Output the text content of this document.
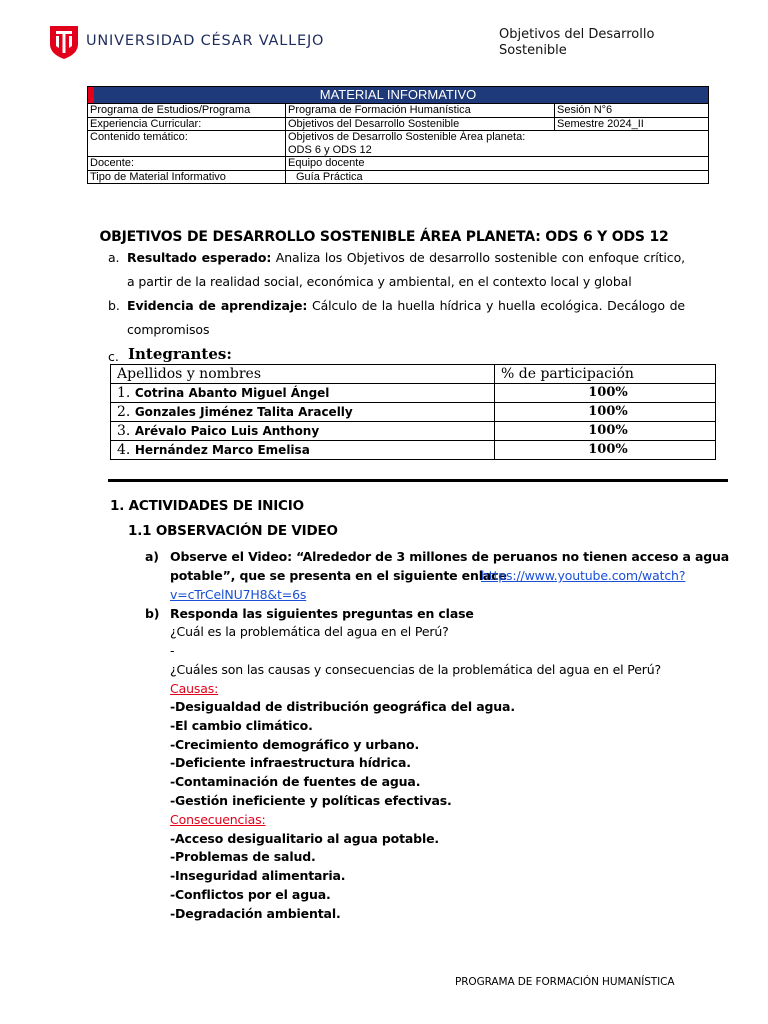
UNIVERSIDAD CÉSAR VALLEJO	Objetivos del Desarrollo Sostenible
MATERIAL INFORMATIVO		
Programa de Estudios/Programa	Programa de Formación Humanística	Sesión N°6
Experiencia Curricular:	Objetivos del Desarrollo Sostenible	Semestre 2024_II
Contenido temático:	Objetivos de Desarrollo Sostenible Área planeta:
ODS 6 y ODS 12	

Docente:	Equipo docente	
Tipo de Material Informativo	Guía Práctica	
OBJETIVOS DE DESARROLLO SOSTENIBLE ÁREA PLANETA: ODS 6 Y ODS 12
a. Resultado esperado: Analiza los Objetivos de desarrollo sostenible con enfoque crítico, a partir de la realidad social, económica y ambiental, en el contexto local y global
b. Evidencia de aprendizaje: Cálculo de la huella hídrica y huella ecológica. Decálogo de compromisos
c. Integrantes:
Apellidos y nombres	% de participación
1. Cotrina Abanto Miguel Ángel	100%
2. Gonzales Jiménez Talita Aracelly	100%
3. Arévalo Paico Luis Anthony	100%
4. Hernández Marco Emelisa	100%
1. ACTIVIDADES DE INICIO
1.1 OBSERVACIÓN DE VIDEO
a) Observe el Video: “Alrededor de 3 millones de peruanos no tienen acceso a agua
potable”, que se presenta en el siguiente enlace
https://www.youtube.com/watch?
v=cTrCelNU7H8&t=6s
b) Responda las siguientes preguntas en clase
¿Cuál es la problemática del agua en el Perú?
-
¿Cuáles son las causas y consecuencias de la problemática del agua en el Perú?
Causas:
-Desigualdad de distribución geográfica del agua.
-El cambio climático.
-Crecimiento demográfico y urbano.
-Deficiente infraestructura hídrica.
-Contaminación de fuentes de agua.
-Gestión ineficiente y políticas efectivas.
Consecuencias:
-Acceso desigualitario al agua potable.
-Problemas de salud.
-Inseguridad alimentaria.
-Conflictos por el agua.
-Degradación ambiental.
PROGRAMA DE FORMACIÓN HUMANÍSTICA
